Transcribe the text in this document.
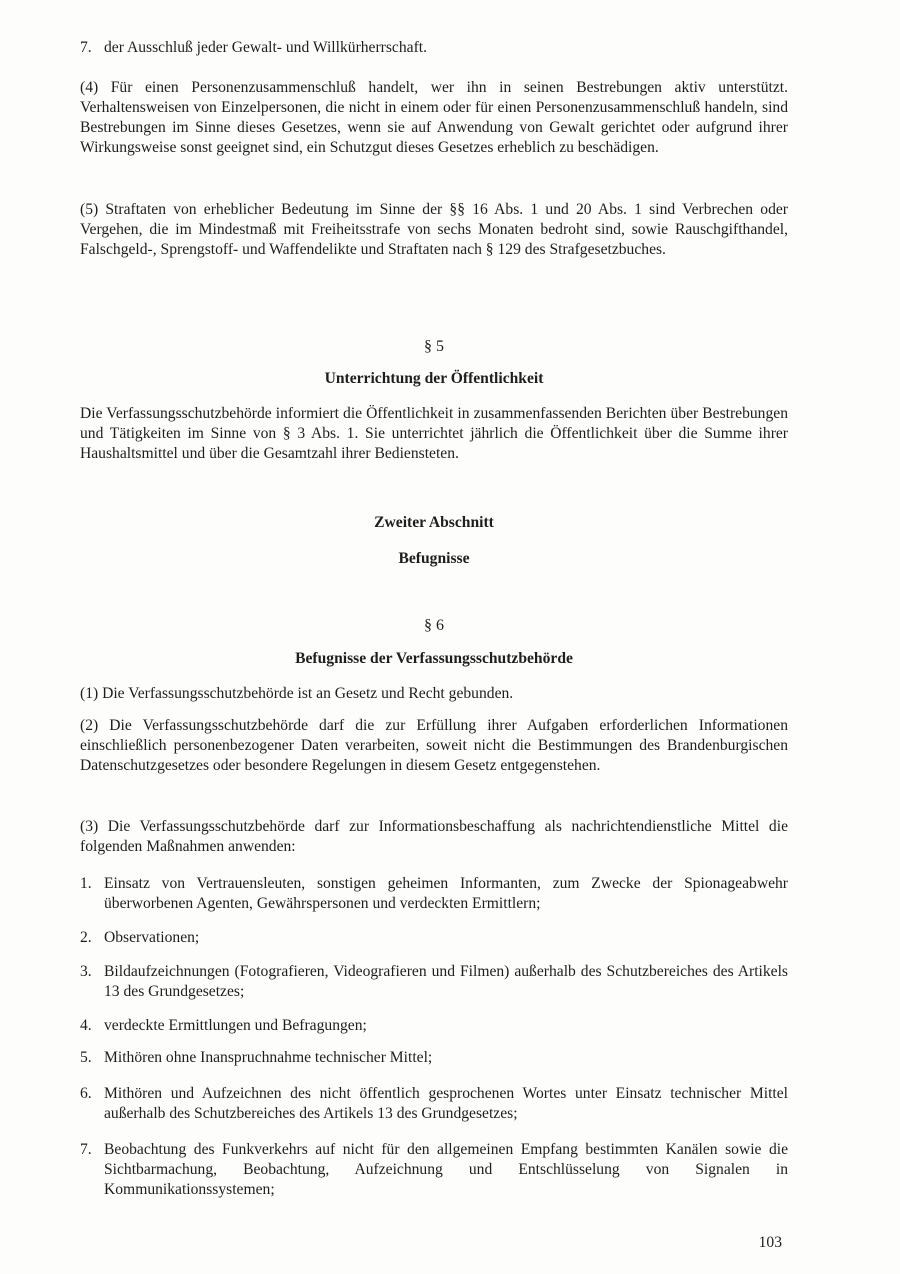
7. der Ausschluß jeder Gewalt- und Willkürherrschaft.

(4) Für einen Personenzusammenschluß handelt, wer ihn in seinen Bestrebungen aktiv unterstützt. Verhaltensweisen von Einzelpersonen, die nicht in einem oder für einen Personenzusammenschluß handeln, sind Bestrebungen im Sinne dieses Gesetzes, wenn sie auf Anwendung von Gewalt gerichtet oder aufgrund ihrer Wirkungsweise sonst geeignet sind, ein Schutzgut dieses Gesetzes erheblich zu beschädigen.

(5) Straftaten von erheblicher Bedeutung im Sinne der §§ 16 Abs. 1 und 20 Abs. 1 sind Verbrechen oder Vergehen, die im Mindestmaß mit Freiheitsstrafe von sechs Monaten bedroht sind, sowie Rauschgifthandel, Falschgeld-, Sprengstoff- und Waffendelikte und Straftaten nach § 129 des Strafgesetzbuches.

§ 5

Unterrichtung der Öffentlichkeit

Die Verfassungsschutzbehörde informiert die Öffentlichkeit in zusammenfassenden Berichten über Bestrebungen und Tätigkeiten im Sinne von § 3 Abs. 1. Sie unterrichtet jährlich die Öffentlichkeit über die Summe ihrer Haushaltsmittel und über die Gesamtzahl ihrer Bediensteten.

Zweiter Abschnitt

Befugnisse

§ 6

Befugnisse der Verfassungsschutzbehörde

(1) Die Verfassungsschutzbehörde ist an Gesetz und Recht gebunden.

(2) Die Verfassungsschutzbehörde darf die zur Erfüllung ihrer Aufgaben erforderlichen Informationen einschließlich personenbezogener Daten verarbeiten, soweit nicht die Bestimmungen des Brandenburgischen Datenschutzgesetzes oder besondere Regelungen in diesem Gesetz entgegenstehen.

(3) Die Verfassungsschutzbehörde darf zur Informationsbeschaffung als nachrichtendienstliche Mittel die folgenden Maßnahmen anwenden:

1. Einsatz von Vertrauensleuten, sonstigen geheimen Informanten, zum Zwecke der Spionageabwehr überworbenen Agenten, Gewährspersonen und verdeckten Ermittlern;
2. Observationen;
3. Bildaufzeichnungen (Fotografieren, Videografieren und Filmen) außerhalb des Schutzbereiches des Artikels 13 des Grundgesetzes;
4. verdeckte Ermittlungen und Befragungen;
5. Mithören ohne Inanspruchnahme technischer Mittel;
6. Mithören und Aufzeichnen des nicht öffentlich gesprochenen Wortes unter Einsatz technischer Mittel außerhalb des Schutzbereiches des Artikels 13 des Grundgesetzes;
7. Beobachtung des Funkverkehrs auf nicht für den allgemeinen Empfang bestimmten Kanälen sowie die Sichtbarmachung, Beobachtung, Aufzeichnung und Entschlüsselung von Signalen in Kommunikationssystemen;
103
